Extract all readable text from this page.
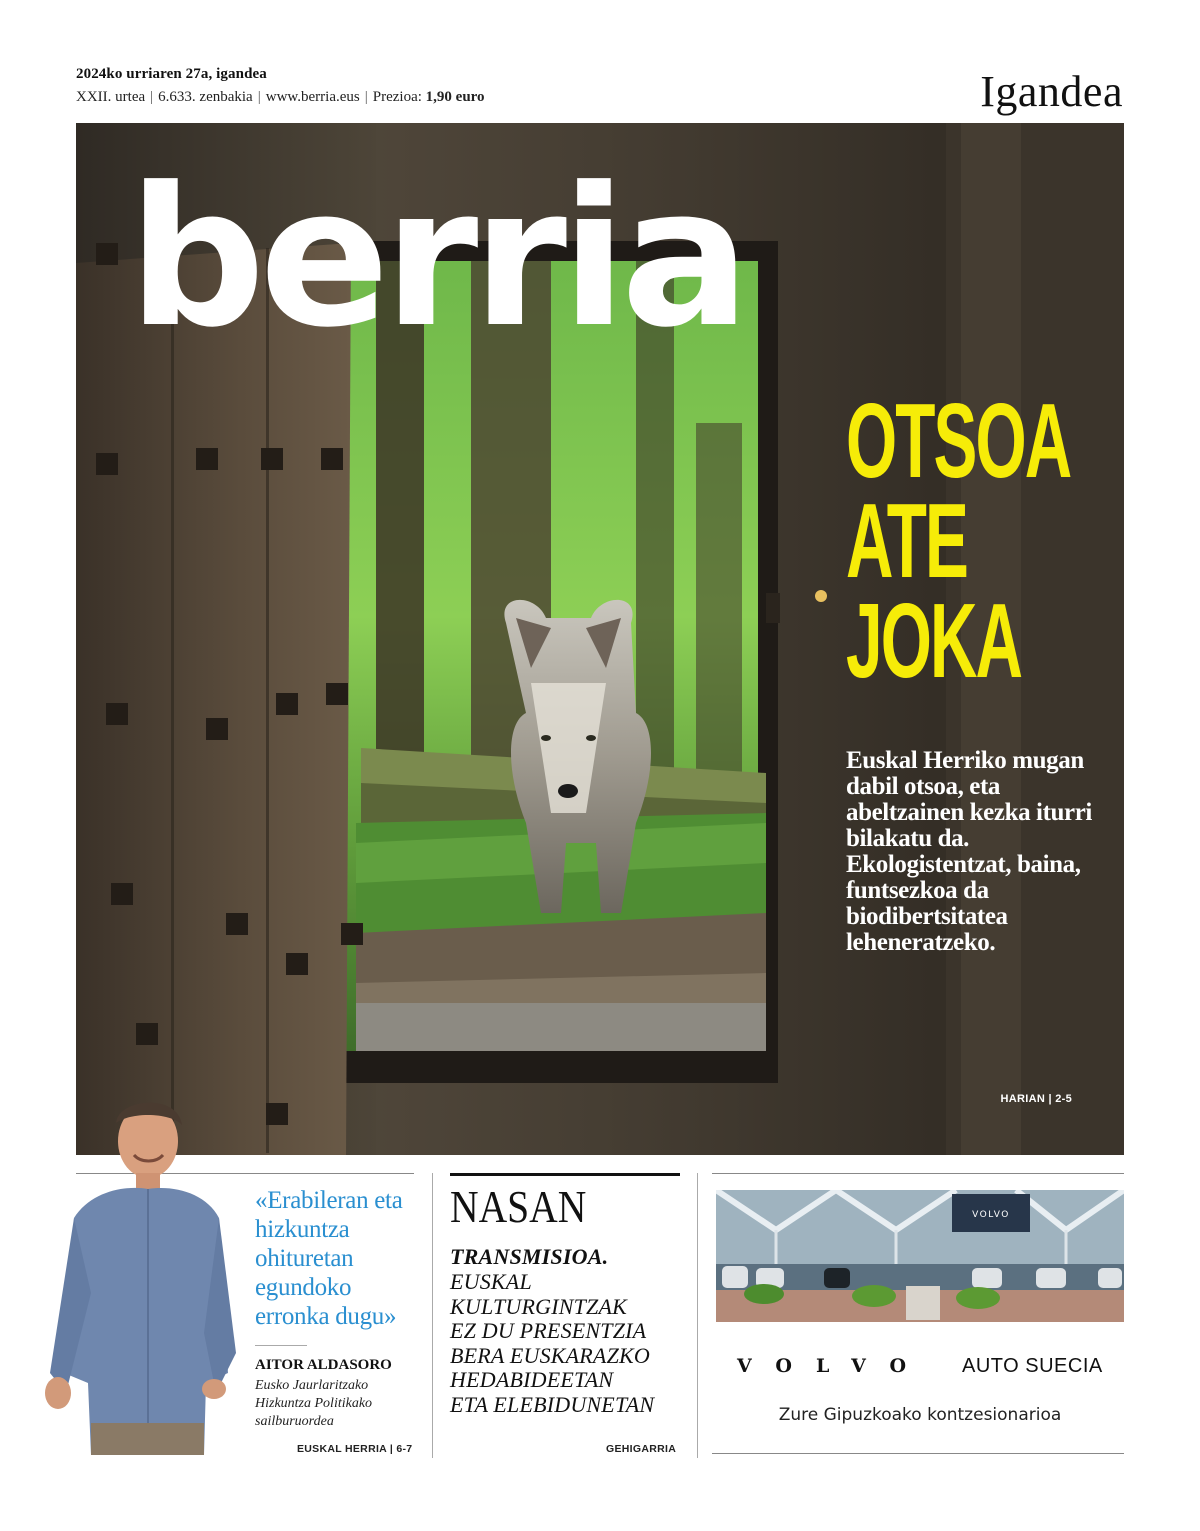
2024ko urriaren 27a, igandea
XXII. urtea | 6.633. zenbakia | www.berria.eus | Prezioa: 1,90 euro	Igandea
berria
OTSOA
ATE
JOKA
Euskal Herriko mugan dabil otsoa, eta abeltzainen kezka iturri bilakatu da. Ekologistentzat, baina, funtsezkoa da biodibertsitatea leheneratzeko.
HARIAN | 2-5
«Erabileran eta hizkuntza ohituretan egundoko erronka dugu»
AITOR ALDASORO
Eusko Jaurlaritzako Hizkuntza Politikako sailburuordea
EUSKAL HERRIA | 6-7
NASAN
TRANSMISIOA.
EUSKAL
KULTURGINTZAK
EZ DU PRESENTZIA
BERA EUSKARAZKO
HEDABIDEETAN
ETA ELEBIDUNETAN
GEHIGARRIA
VOLVO
VOLVO AUTO SUECIA
Zure Gipuzkoako kontzesionarioa
